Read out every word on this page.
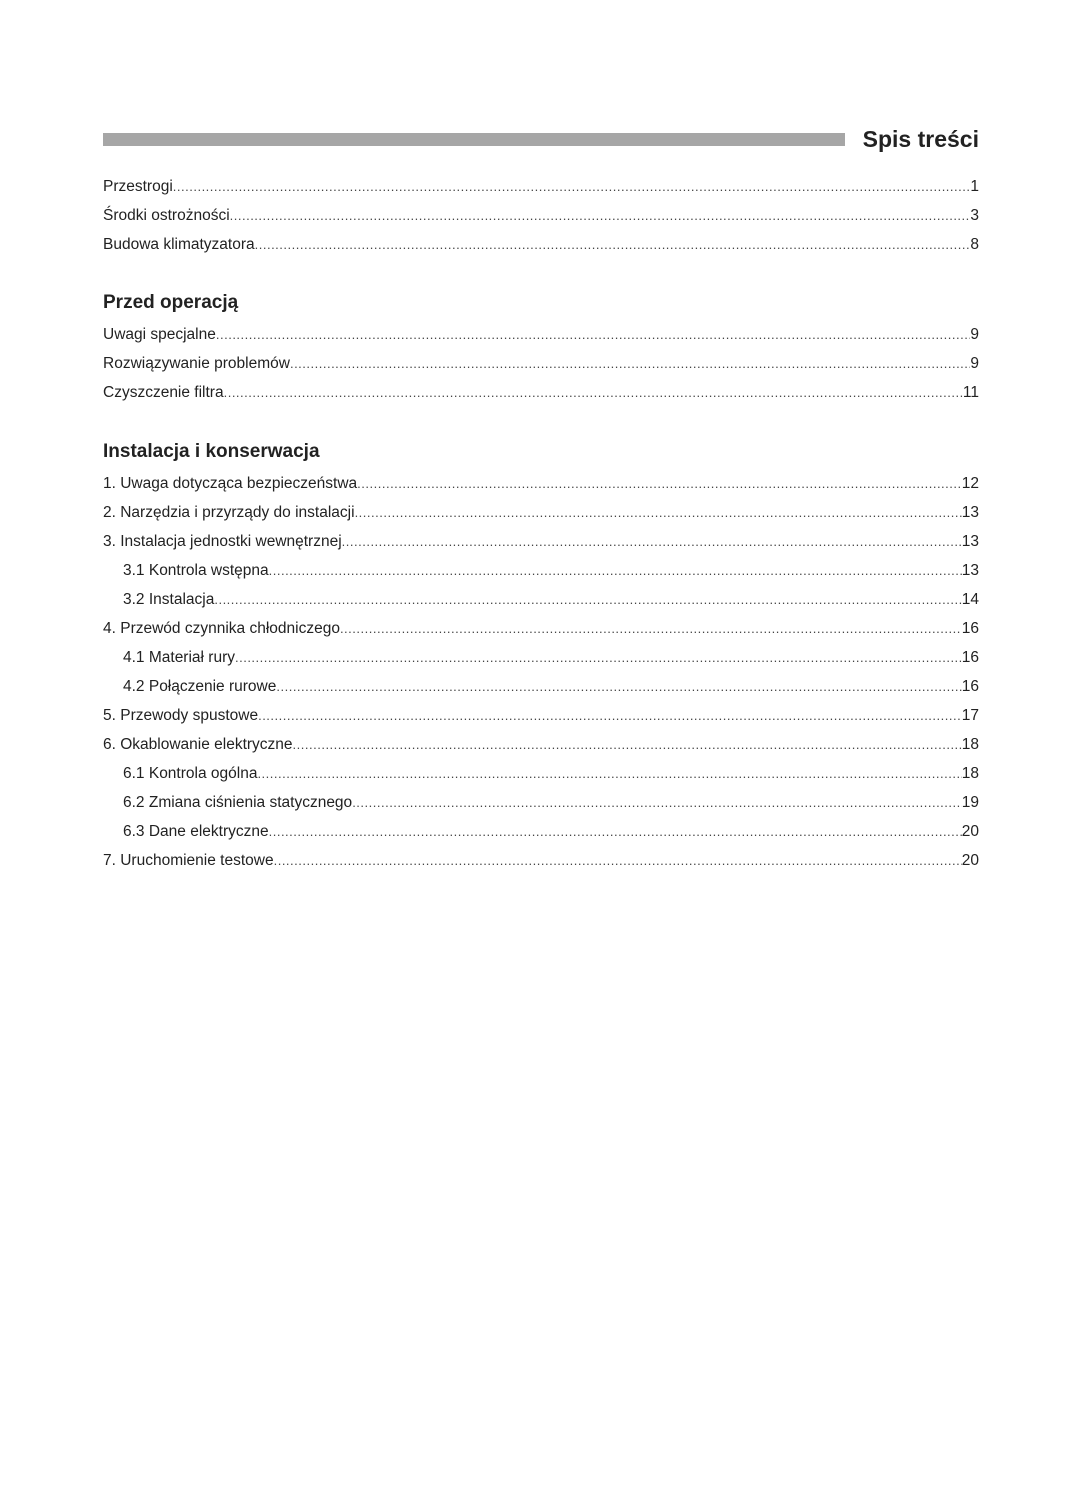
Spis treści
Przestrogi .....	1
Środki ostrożności .....	3
Budowa klimatyzatora .....	8
Przed operacją
Uwagi specjalne .....	9
Rozwiązywanie problemów .....	9
Czyszczenie filtra .....	11
Instalacja i konserwacja
1. Uwaga dotycząca bezpieczeństwa .....	12
2. Narzędzia i przyrządy do instalacji .....	13
3. Instalacja jednostki wewnętrznej .....	13
3.1 Kontrola wstępna .....	13
3.2 Instalacja .....	14
4. Przewód czynnika chłodniczego .....	16
4.1 Materiał rury .....	16
4.2 Połączenie rurowe .....	16
5. Przewody spustowe .....	17
6. Okablowanie elektryczne .....	18
6.1 Kontrola ogólna .....	18
6.2 Zmiana ciśnienia statycznego .....	19
6.3 Dane elektryczne .....	20
7. Uruchomienie testowe .....	20
